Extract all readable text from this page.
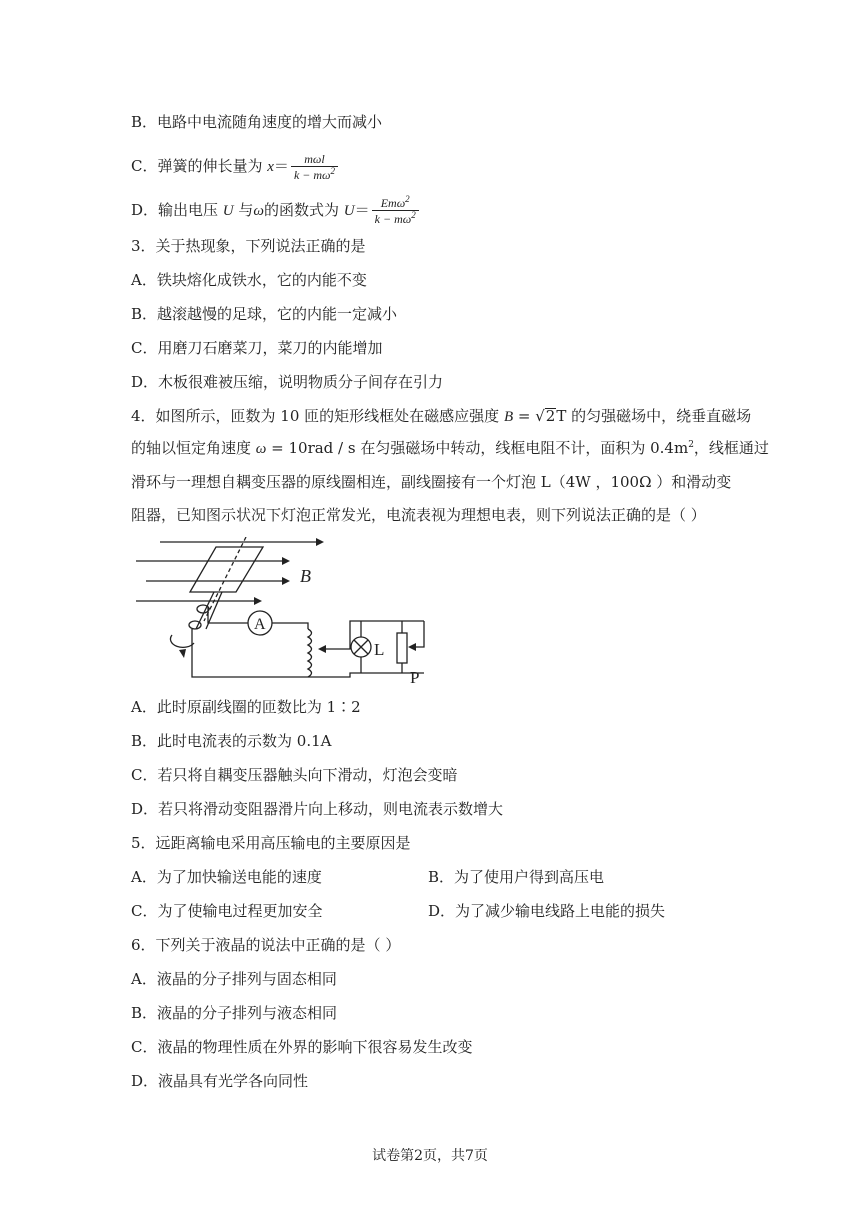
B．电路中电流随角速度的增大而减小
C．弹簧的伸长量为 $x= \frac{\text{mωl}}{k - m\omega^2}$
D．输出电压 U 与ω的函数式为 $U= \frac{Em\omega^2}{k - m\omega^2}$
3．关于热现象，下列说法正确的是
A．铁块熔化成铁水，它的内能不变
B．越滚越慢的足球，它的内能一定减小
C．用磨刀石磨菜刀，菜刀的内能增加
D．木板很难被压缩，说明物质分子间存在引力
4．如图所示，匝数为 10 匝的矩形线框处在磁感应强度 B = √2T 的匀强磁场中，绕垂直磁场
的轴以恒定角速度 ω = 10rad / s 在匀强磁场中转动，线框电阻不计，面积为 $0.4m^2$，线框通过
滑环与一理想自耦变压器的原线圈相连，副线圈接有一个灯泡 L（4W ，100Ω ）和滑动变
阻器，已知图示状况下灯泡正常发光，电流表视为理想电表，则下列说法正确的是（ ）
B
A
L
P
A．此时原副线圈的匝数比为 1∶2
B．此时电流表的示数为 0.1A
C．若只将自耦变压器触头向下滑动，灯泡会变暗
D．若只将滑动变阻器滑片向上移动，则电流表示数增大
5．远距离输电采用高压输电的主要原因是
A．为了加快输送电能的速度	B．为了使用户得到高压电
C．为了使输电过程更加安全	D．为了减少输电线路上电能的损失
6．下列关于液晶的说法中正确的是（ ）
A．液晶的分子排列与固态相同
B．液晶的分子排列与液态相同
C．液晶的物理性质在外界的影响下很容易发生改变
D．液晶具有光学各向同性
试卷第2页，共7页
